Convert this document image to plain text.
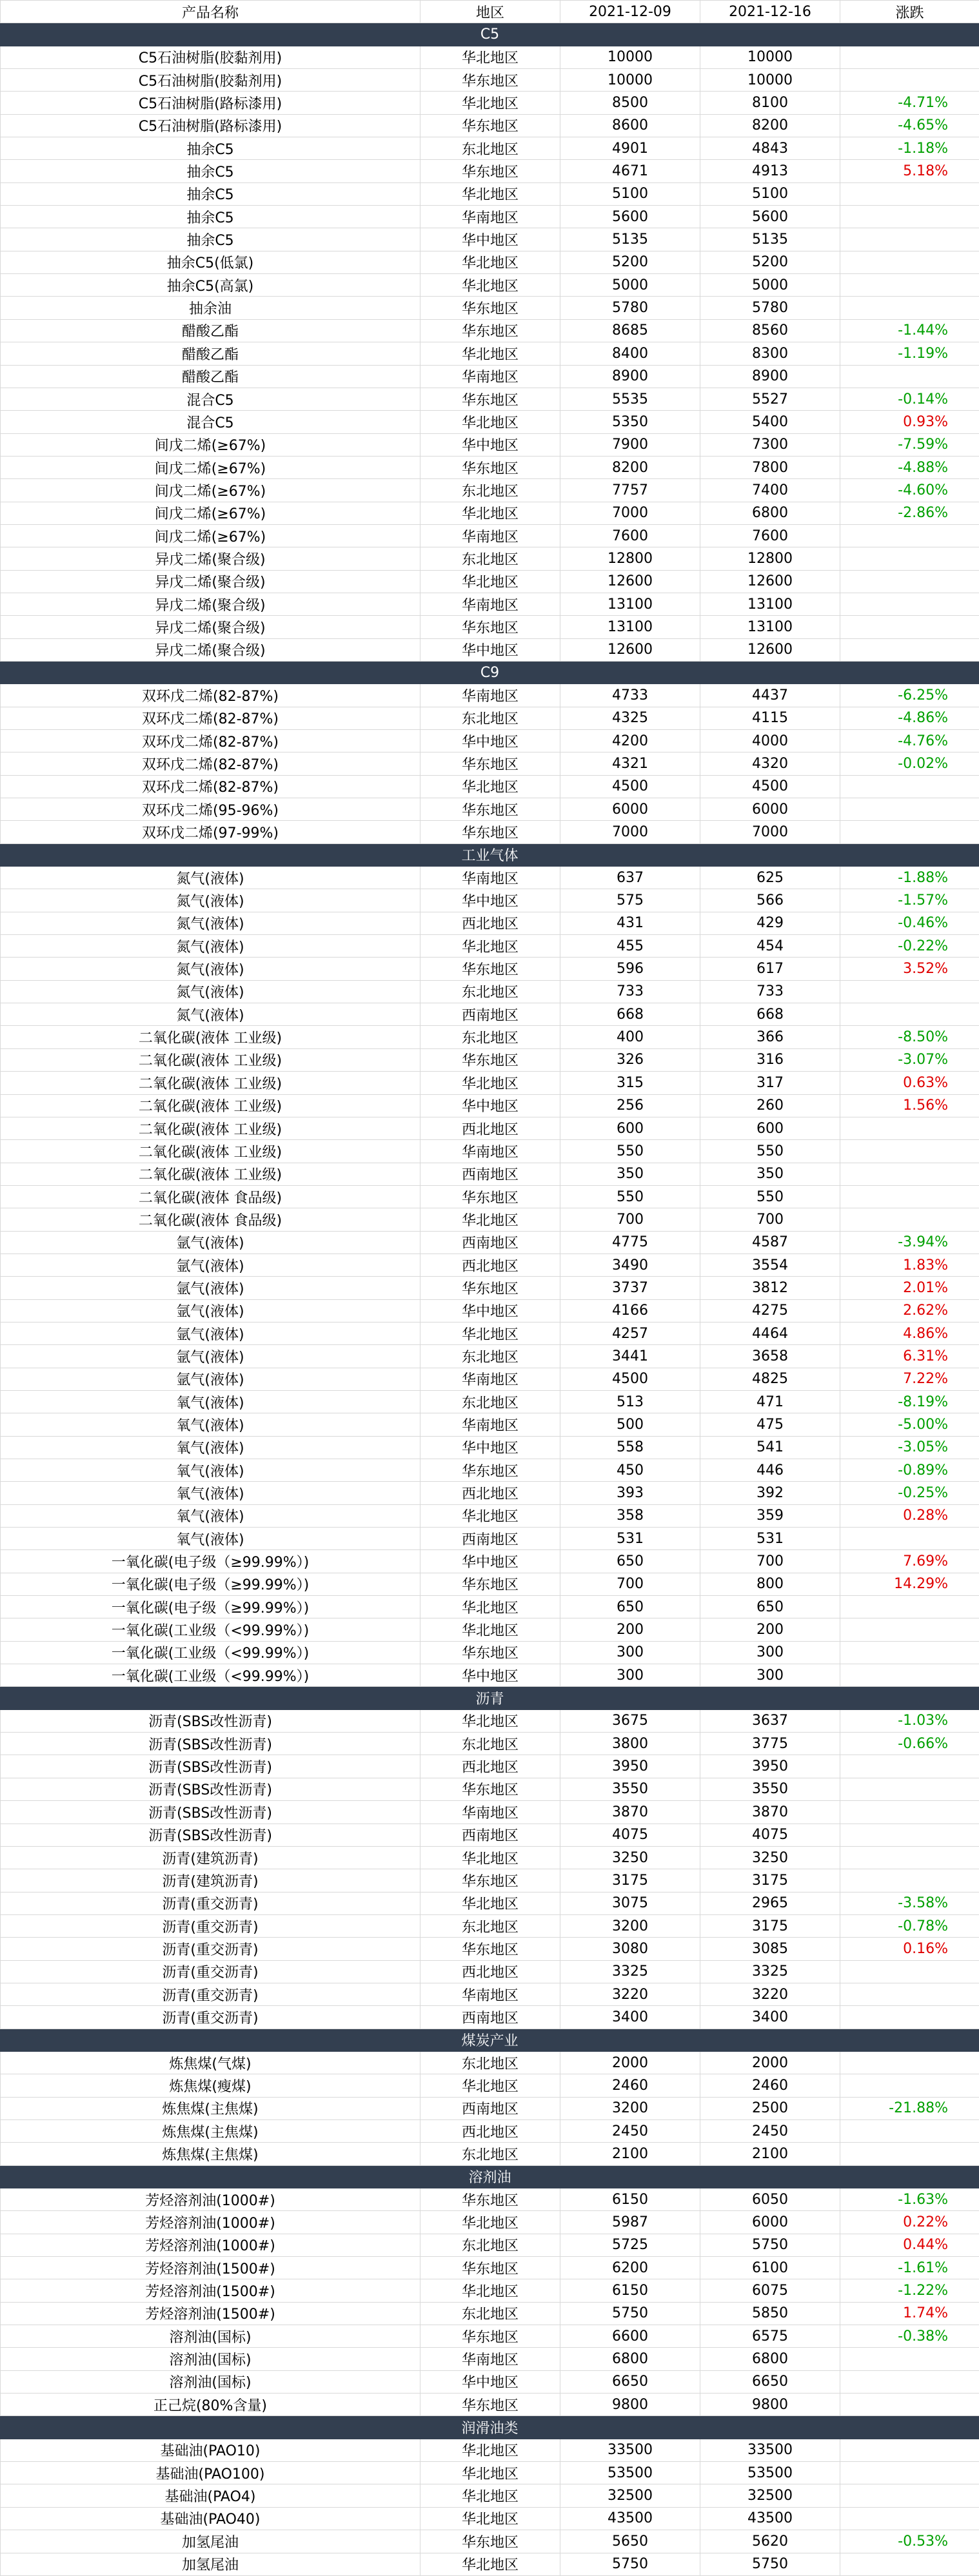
产品名称	地区	2021-12-09	2021-12-16	涨跌
C5				
C5石油树脂(胶黏剂用)	华北地区	10000	10000	
C5石油树脂(胶黏剂用)	华东地区	10000	10000	
C5石油树脂(路标漆用)	华北地区	8500	8100	-4.71%
C5石油树脂(路标漆用)	华东地区	8600	8200	-4.65%
抽余C5	东北地区	4901	4843	-1.18%
抽余C5	华东地区	4671	4913	5.18%
抽余C5	华北地区	5100	5100	
抽余C5	华南地区	5600	5600	
抽余C5	华中地区	5135	5135	
抽余C5(低氯)	华北地区	5200	5200	
抽余C5(高氯)	华北地区	5000	5000	
抽余油	华东地区	5780	5780	
醋酸乙酯	华东地区	8685	8560	-1.44%
醋酸乙酯	华北地区	8400	8300	-1.19%
醋酸乙酯	华南地区	8900	8900	
混合C5	华东地区	5535	5527	-0.14%
混合C5	华北地区	5350	5400	0.93%
间戊二烯(≥67%)	华中地区	7900	7300	-7.59%
间戊二烯(≥67%)	华东地区	8200	7800	-4.88%
间戊二烯(≥67%)	东北地区	7757	7400	-4.60%
间戊二烯(≥67%)	华北地区	7000	6800	-2.86%
间戊二烯(≥67%)	华南地区	7600	7600	
异戊二烯(聚合级)	东北地区	12800	12800	
异戊二烯(聚合级)	华北地区	12600	12600	
异戊二烯(聚合级)	华南地区	13100	13100	
异戊二烯(聚合级)	华东地区	13100	13100	
异戊二烯(聚合级)	华中地区	12600	12600	
C9				
双环戊二烯(82-87%)	华南地区	4733	4437	-6.25%
双环戊二烯(82-87%)	东北地区	4325	4115	-4.86%
双环戊二烯(82-87%)	华中地区	4200	4000	-4.76%
双环戊二烯(82-87%)	华东地区	4321	4320	-0.02%
双环戊二烯(82-87%)	华北地区	4500	4500	
双环戊二烯(95-96%)	华东地区	6000	6000	
双环戊二烯(97-99%)	华东地区	7000	7000	
工业气体				
氮气(液体)	华南地区	637	625	-1.88%
氮气(液体)	华中地区	575	566	-1.57%
氮气(液体)	西北地区	431	429	-0.46%
氮气(液体)	华北地区	455	454	-0.22%
氮气(液体)	华东地区	596	617	3.52%
氮气(液体)	东北地区	733	733	
氮气(液体)	西南地区	668	668	
二氧化碳(液体 工业级)	东北地区	400	366	-8.50%
二氧化碳(液体 工业级)	华东地区	326	316	-3.07%
二氧化碳(液体 工业级)	华北地区	315	317	0.63%
二氧化碳(液体 工业级)	华中地区	256	260	1.56%
二氧化碳(液体 工业级)	西北地区	600	600	
二氧化碳(液体 工业级)	华南地区	550	550	
二氧化碳(液体 工业级)	西南地区	350	350	
二氧化碳(液体 食品级)	华东地区	550	550	
二氧化碳(液体 食品级)	华北地区	700	700	
氩气(液体)	西南地区	4775	4587	-3.94%
氩气(液体)	西北地区	3490	3554	1.83%
氩气(液体)	华东地区	3737	3812	2.01%
氩气(液体)	华中地区	4166	4275	2.62%
氩气(液体)	华北地区	4257	4464	4.86%
氩气(液体)	东北地区	3441	3658	6.31%
氩气(液体)	华南地区	4500	4825	7.22%
氧气(液体)	东北地区	513	471	-8.19%
氧气(液体)	华南地区	500	475	-5.00%
氧气(液体)	华中地区	558	541	-3.05%
氧气(液体)	华东地区	450	446	-0.89%
氧气(液体)	西北地区	393	392	-0.25%
氧气(液体)	华北地区	358	359	0.28%
氧气(液体)	西南地区	531	531	
一氧化碳(电子级（≥99.99%）)	华中地区	650	700	7.69%
一氧化碳(电子级（≥99.99%）)	华东地区	700	800	14.29%
一氧化碳(电子级（≥99.99%）)	华北地区	650	650	
一氧化碳(工业级（<99.99%）)	华北地区	200	200	
一氧化碳(工业级（<99.99%）)	华东地区	300	300	
一氧化碳(工业级（<99.99%）)	华中地区	300	300	
沥青				
沥青(SBS改性沥青)	华北地区	3675	3637	-1.03%
沥青(SBS改性沥青)	东北地区	3800	3775	-0.66%
沥青(SBS改性沥青)	西北地区	3950	3950	
沥青(SBS改性沥青)	华东地区	3550	3550	
沥青(SBS改性沥青)	华南地区	3870	3870	
沥青(SBS改性沥青)	西南地区	4075	4075	
沥青(建筑沥青)	华北地区	3250	3250	
沥青(建筑沥青)	华东地区	3175	3175	
沥青(重交沥青)	华北地区	3075	2965	-3.58%
沥青(重交沥青)	东北地区	3200	3175	-0.78%
沥青(重交沥青)	华东地区	3080	3085	0.16%
沥青(重交沥青)	西北地区	3325	3325	
沥青(重交沥青)	华南地区	3220	3220	
沥青(重交沥青)	西南地区	3400	3400	
煤炭产业				
炼焦煤(气煤)	东北地区	2000	2000	
炼焦煤(瘦煤)	华北地区	2460	2460	
炼焦煤(主焦煤)	西南地区	3200	2500	-21.88%
炼焦煤(主焦煤)	西北地区	2450	2450	
炼焦煤(主焦煤)	东北地区	2100	2100	
溶剂油				
芳烃溶剂油(1000#)	华东地区	6150	6050	-1.63%
芳烃溶剂油(1000#)	华北地区	5987	6000	0.22%
芳烃溶剂油(1000#)	东北地区	5725	5750	0.44%
芳烃溶剂油(1500#)	华东地区	6200	6100	-1.61%
芳烃溶剂油(1500#)	华北地区	6150	6075	-1.22%
芳烃溶剂油(1500#)	东北地区	5750	5850	1.74%
溶剂油(国标)	华东地区	6600	6575	-0.38%
溶剂油(国标)	华南地区	6800	6800	
溶剂油(国标)	华中地区	6650	6650	
正己烷(80%含量)	华东地区	9800	9800	
润滑油类				
基础油(PAO10)	华北地区	33500	33500	
基础油(PAO100)	华北地区	53500	53500	
基础油(PAO4)	华北地区	32500	32500	
基础油(PAO40)	华北地区	43500	43500	
加氢尾油	华东地区	5650	5620	-0.53%
加氢尾油	华北地区	5750	5750	
